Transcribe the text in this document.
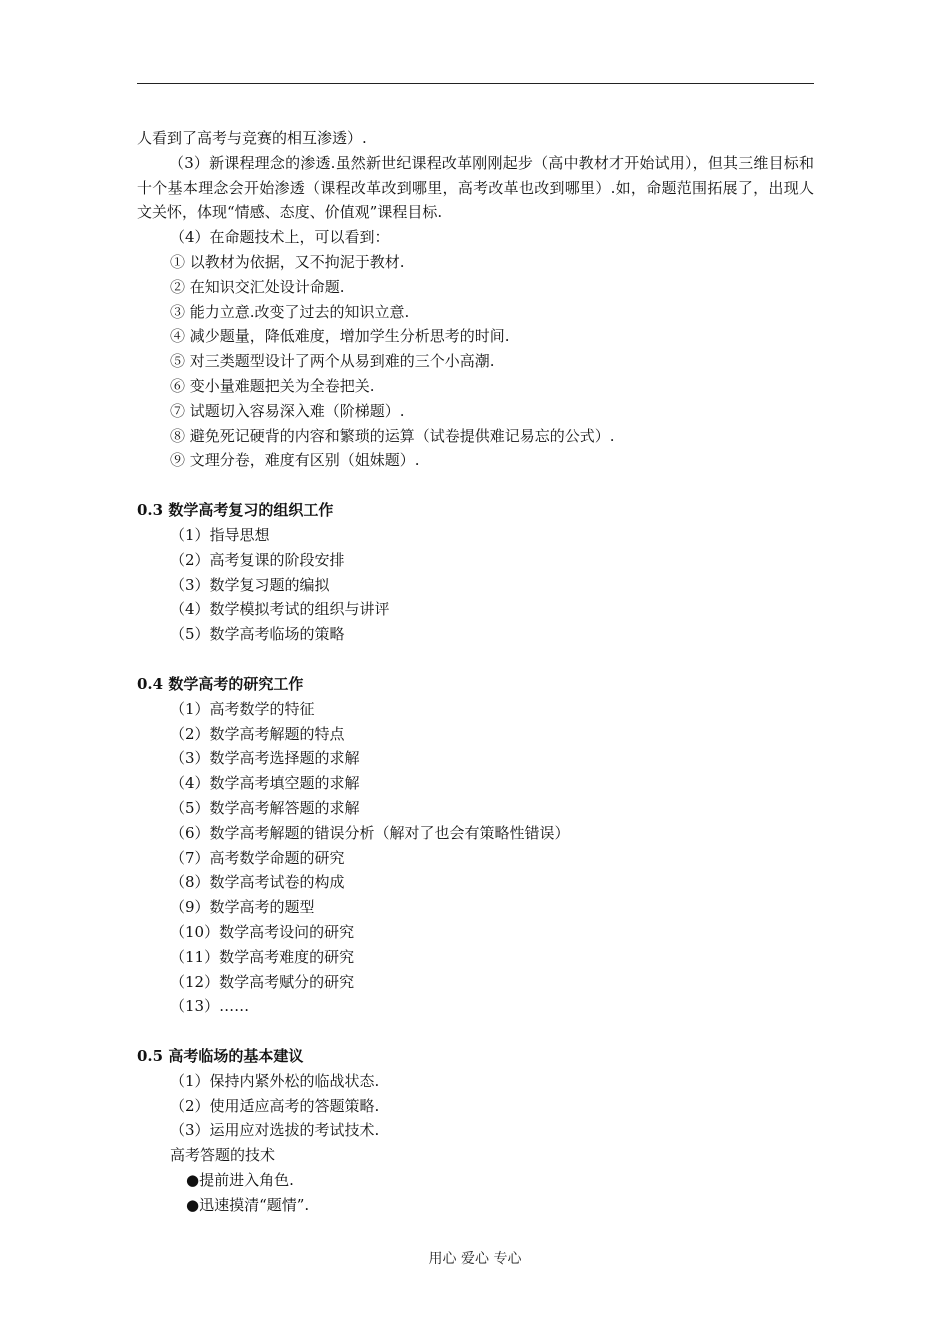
人看到了高考与竞赛的相互渗透）.

（3）新课程理念的渗透.虽然新世纪课程改革刚刚起步（高中教材才开始试用），但其三维目标和十个基本理念会开始渗透（课程改革改到哪里，高考改革也改到哪里）.如，命题范围拓展了，出现人文关怀，体现“情感、态度、价值观”课程目标.

（4）在命题技术上，可以看到：

① 以教材为依据，又不拘泥于教材.

② 在知识交汇处设计命题.

③ 能力立意.改变了过去的知识立意.

④ 减少题量，降低难度，增加学生分析思考的时间.

⑤ 对三类题型设计了两个从易到难的三个小高潮.

⑥ 变小量难题把关为全卷把关.

⑦ 试题切入容易深入难（阶梯题）.

⑧ 避免死记硬背的内容和繁琐的运算（试卷提供难记易忘的公式）.

⑨ 文理分卷，难度有区别（姐妹题）.

0.3 数学高考复习的组织工作

（1）指导思想

（2）高考复课的阶段安排

（3）数学复习题的编拟

（4）数学模拟考试的组织与讲评

（5）数学高考临场的策略

0.4 数学高考的研究工作

（1）高考数学的特征

（2）数学高考解题的特点

（3）数学高考选择题的求解

（4）数学高考填空题的求解

（5）数学高考解答题的求解

（6）数学高考解题的错误分析（解对了也会有策略性错误）

（7）高考数学命题的研究

（8）数学高考试卷的构成

（9）数学高考的题型

（10）数学高考设问的研究

（11）数学高考难度的研究

（12）数学高考赋分的研究

（13）……

0.5 高考临场的基本建议

（1）保持内紧外松的临战状态.

（2）使用适应高考的答题策略.

（3）运用应对选拔的考试技术.

高考答题的技术

●提前进入角色.

●迅速摸清“题情”.

用心 爱心 专心
